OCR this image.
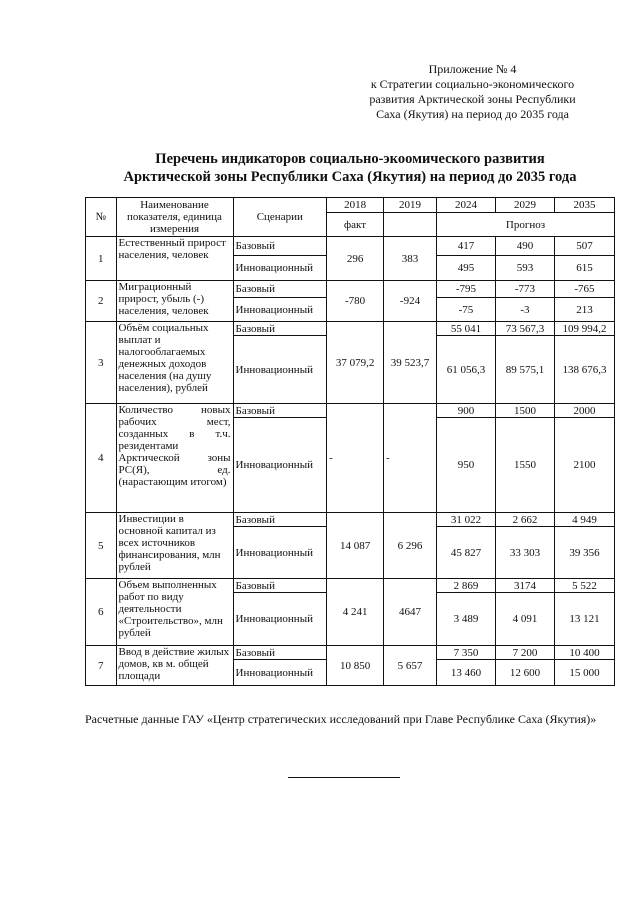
Приложение № 4
к Стратегии социально-экономического
развития Арктической зоны Республики
Саха (Якутия) на период до 2035 года
Перечень индикаторов социально-экоомического развития
Арктической зоны Республики Саха (Якутия) на период до 2035 года
№	Наименование показателя, единица измерения	Сценарии	2018	2019	2024	2029	2035
			факт		Прогноз		
1	Естественный прирост населения, человек	Базовый	296	383	417	490	507
		Инновационный			495	593	615
2	Миграционный прирост, убыль (-) населения, человек	Базовый	-780	-924	-795	-773	-765
		Инновационный			-75	-3	213
3	Объём социальных выплат и налогооблагаемых денежных доходов населения (на душу населения), рублей	Базовый	37 079,2	39 523,7	55 041	73 567,3	109 994,2
		Инновационный			61 056,3	89 575,1	138 676,3
4	Количество новых рабочих мест, созданных в т.ч. резидентами Арктической зоны РС(Я), ед. (нарастающим итогом)	Базовый	-	-	900	1500	2000
		Инновационный			950	1550	2100
5	Инвестиции в основной капитал из всех источников финансирования, млн рублей	Базовый	14 087	6 296	31 022	2 662	4 949
		Инновационный			45 827	33 303	39 356
6	Объем выполненных работ по виду деятельности «Строительство», млн рублей	Базовый	4 241	4647	2 869	3174	5 522
		Инновационный			3 489	4 091	13 121
7	Ввод в действие жилых домов, кв м. общей площади	Базовый	10 850	5 657	7 350	7 200	10 400
		Инновационный			13 460	12 600	15 000
Расчетные данные ГАУ «Центр стратегических исследований при Главе Республике Саха (Якутия)»
